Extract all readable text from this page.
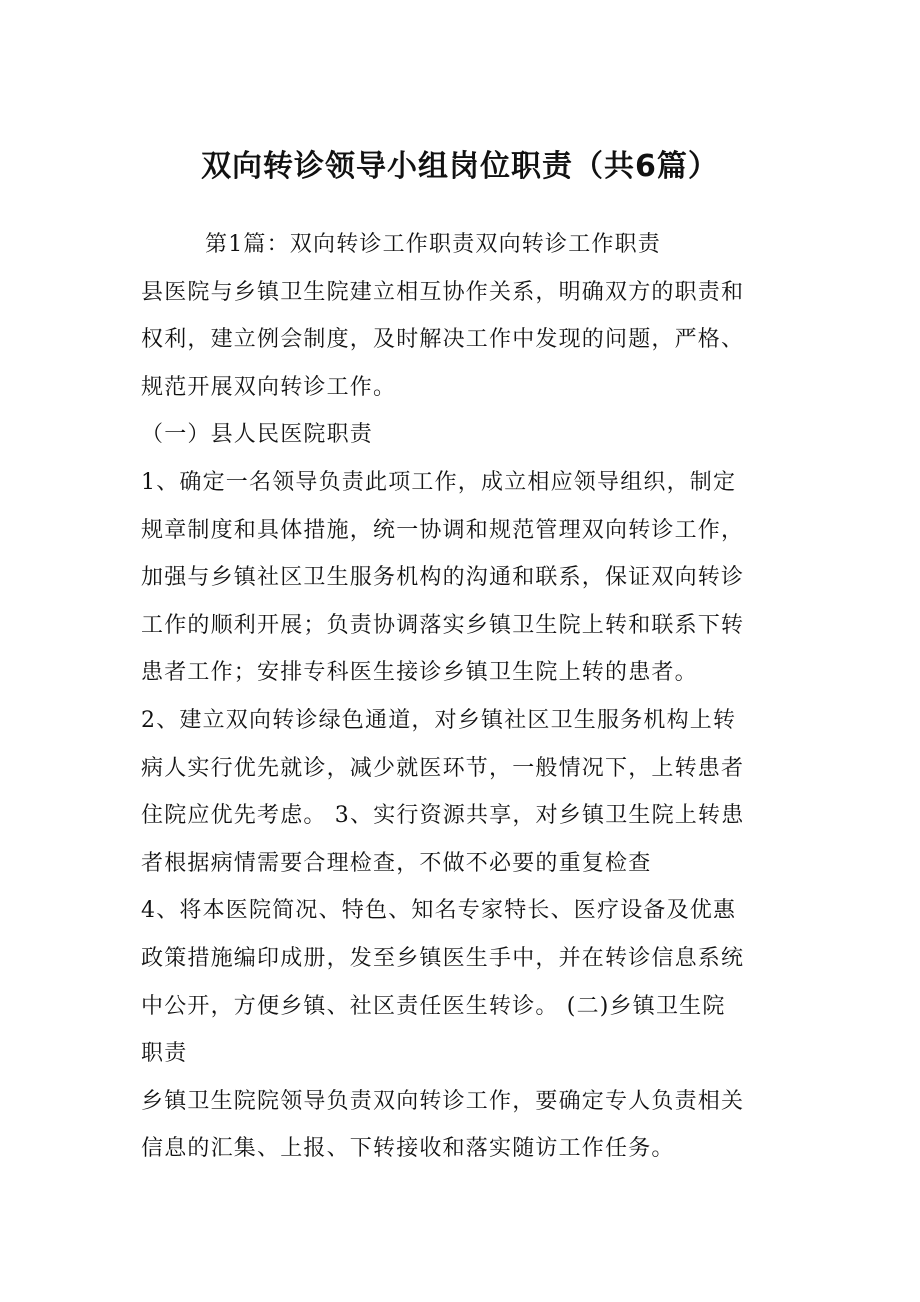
双向转诊领导小组岗位职责（共6篇）
第1篇：双向转诊工作职责双向转诊工作职责
县医院与乡镇卫生院建立相互协作关系，明确双方的职责和
权利，建立例会制度，及时解决工作中发现的问题，严格、
规范开展双向转诊工作。
（一）县人民医院职责
1、确定一名领导负责此项工作，成立相应领导组织，制定
规章制度和具体措施，统一协调和规范管理双向转诊工作，
加强与乡镇社区卫生服务机构的沟通和联系，保证双向转诊
工作的顺利开展；负责协调落实乡镇卫生院上转和联系下转
患者工作；安排专科医生接诊乡镇卫生院上转的患者。
2、建立双向转诊绿色通道，对乡镇社区卫生服务机构上转
病人实行优先就诊，减少就医环节，一般情况下，上转患者
住院应优先考虑。 3、实行资源共享，对乡镇卫生院上转患
者根据病情需要合理检查，不做不必要的重复检查
4、将本医院简况、特色、知名专家特长、医疗设备及优惠
政策措施编印成册，发至乡镇医生手中，并在转诊信息系统
中公开，方便乡镇、社区责任医生转诊。 (二)乡镇卫生院
职责
乡镇卫生院院领导负责双向转诊工作，要确定专人负责相关
信息的汇集、上报、下转接收和落实随访工作任务。
